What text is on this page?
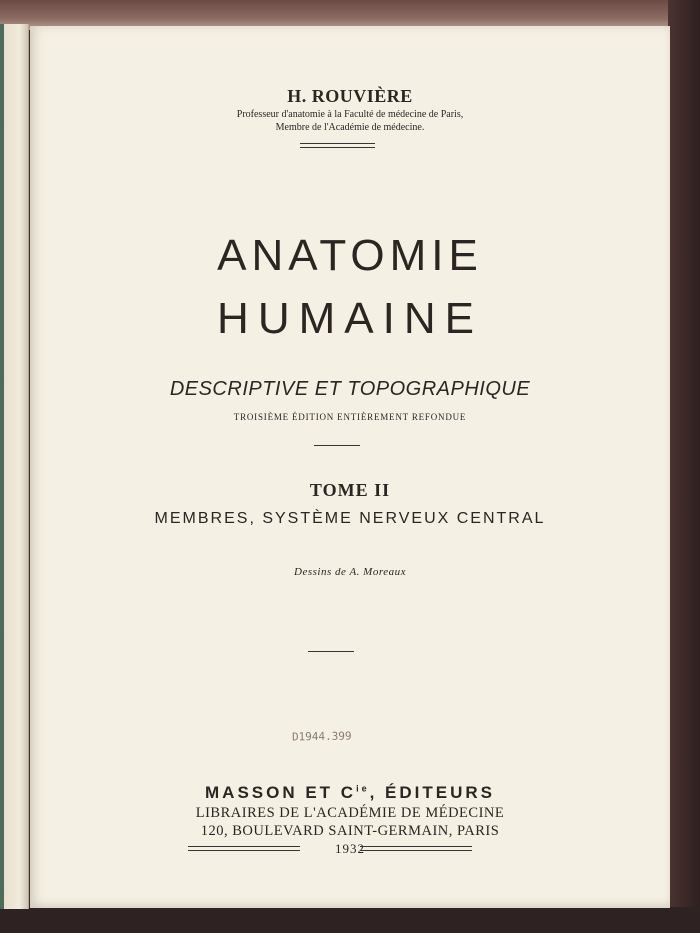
H. ROUVIÈRE
Professeur d'anatomie à la Faculté de médecine de Paris,
Membre de l'Académie de médecine.
ANATOMIE
HUMAINE
DESCRIPTIVE ET TOPOGRAPHIQUE
TROISIÈME ÉDITION ENTIÈREMENT REFONDUE
TOME II
MEMBRES, SYSTÈME NERVEUX CENTRAL
Dessins de A. Moreaux
D1944.399
MASSON ET $C^{ie}$, ÉDITEURS
LIBRAIRES DE L'ACADÉMIE DE MÉDECINE
120, BOULEVARD SAINT-GERMAIN, PARIS
1932
